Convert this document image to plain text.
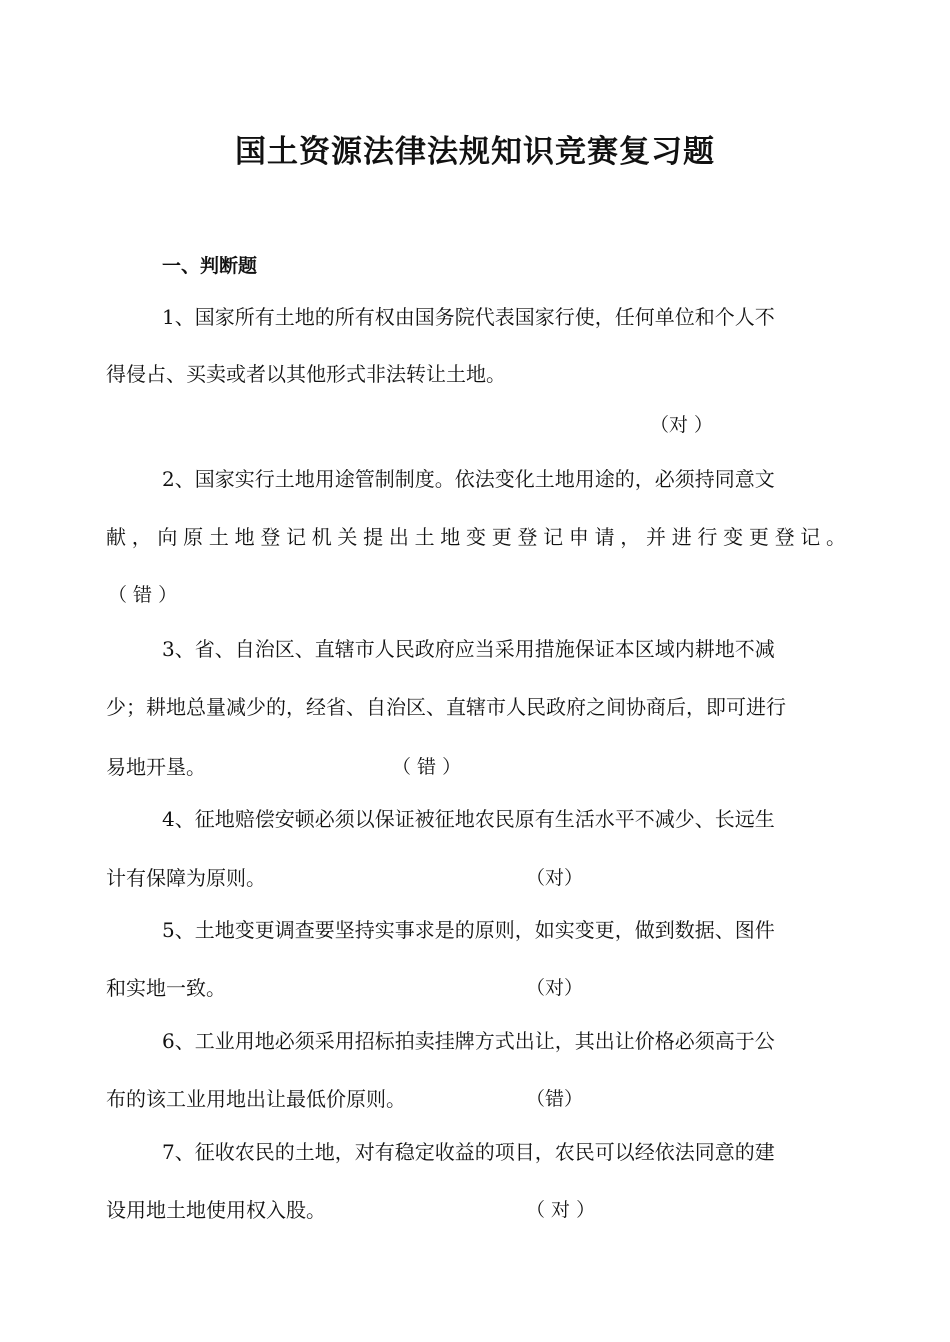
国土资源法律法规知识竞赛复习题
一、判断题

1、国家所有土地的所有权由国务院代表国家行使，任何单位和个人不

得侵占、买卖或者以其他形式非法转让土地。

（对 ）

2、国家实行土地用途管制制度。依法变化土地用途的，必须持同意文

献，向原土地登记机关提出土地变更登记申请，并进行变更登记。

（ 错 ）

3、省、自治区、直辖市人民政府应当采用措施保证本区域内耕地不减

少；耕地总量减少的，经省、自治区、直辖市人民政府之间协商后，即可进行

易地开垦。	（ 错 ）

4、征地赔偿安顿必须以保证被征地农民原有生活水平不减少、长远生

计有保障为原则。	（对）

5、土地变更调查要坚持实事求是的原则，如实变更，做到数据、图件

和实地一致。	（对）

6、工业用地必须采用招标拍卖挂牌方式出让，其出让价格必须高于公

布的该工业用地出让最低价原则。	（错）

7、征收农民的土地，对有稳定收益的项目，农民可以经依法同意的建

设用地土地使用权入股。	（ 对 ）
